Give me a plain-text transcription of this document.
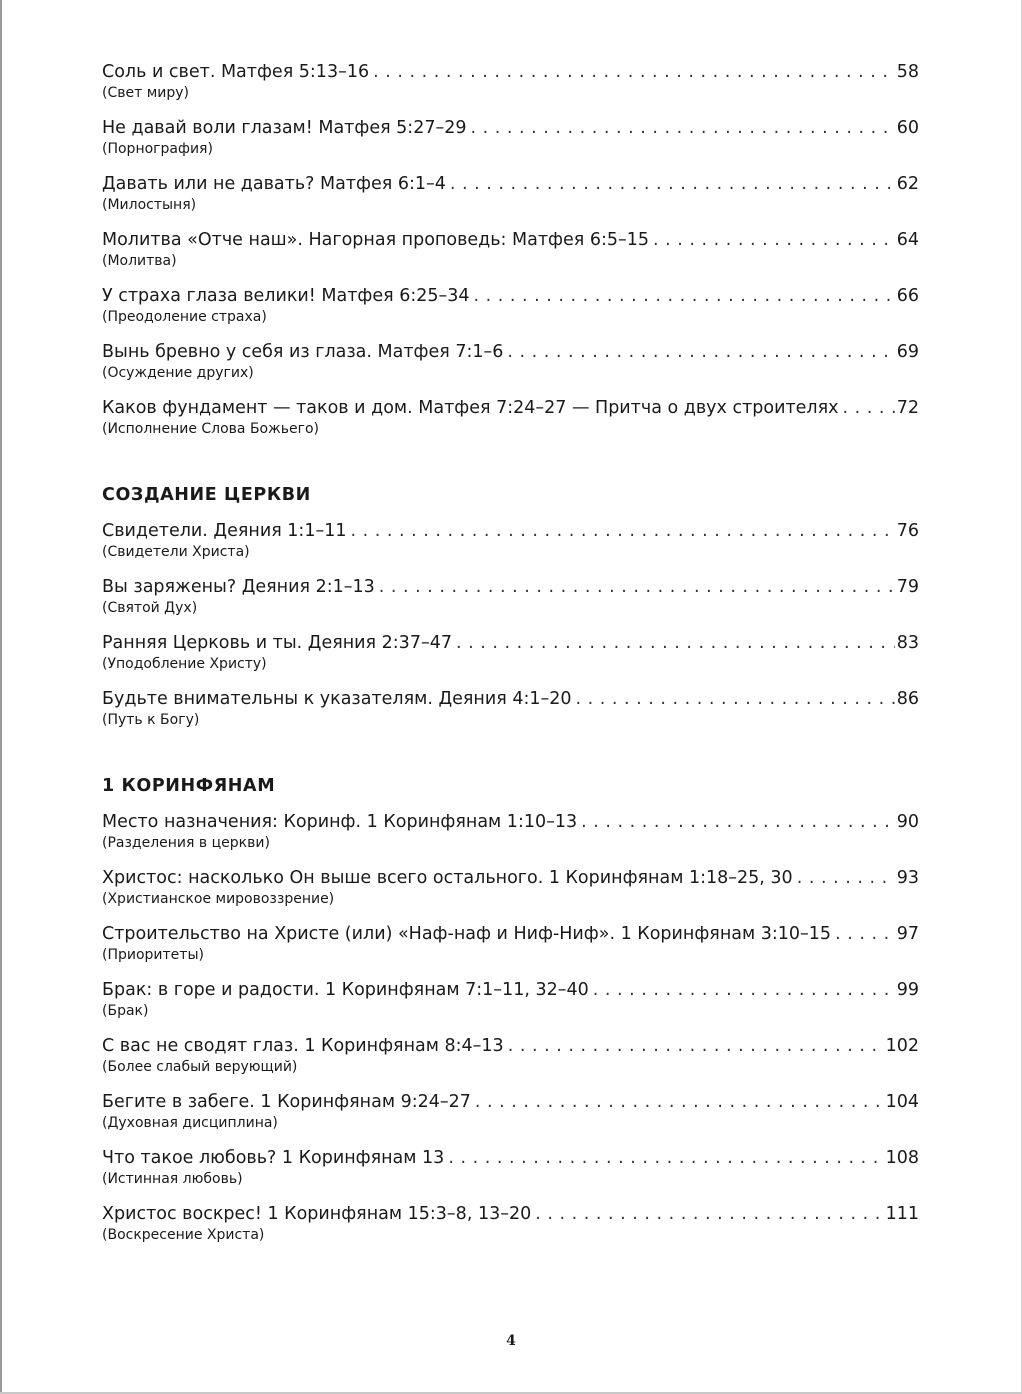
Соль и свет. Матфея 5:13–16 . . .	58
(Свет миру)
Не давай воли глазам! Матфея 5:27–29 . . .	60
(Порнография)
Давать или не давать? Матфея 6:1–4 . . .	62
(Милостыня)
Молитва «Отче наш». Нагорная проповедь: Матфея 6:5–15 . . .	64
(Молитва)
У страха глаза велики! Матфея 6:25–34 . . .	66
(Преодоление страха)
Вынь бревно у себя из глаза. Матфея 7:1–6 . . .	69
(Осуждение других)
Каков фундамент — таков и дом. Матфея 7:24–27 — Притча о двух строителях . . .	72
(Исполнение Слова Божьего)
СОЗДАНИЕ ЦЕРКВИ
Свидетели. Деяния 1:1–11 . . .	76
(Свидетели Христа)
Вы заряжены? Деяния 2:1–13 . . .	79
(Святой Дух)
Ранняя Церковь и ты. Деяния 2:37–47 . . .	83
(Уподобление Христу)
Будьте внимательны к указателям. Деяния 4:1–20 . . .	86
(Путь к Богу)
1 КОРИНФЯНАМ
Место назначения: Коринф. 1 Коринфянам 1:10–13 . . .	90
(Разделения в церкви)
Христос: насколько Он выше всего остального. 1 Коринфянам 1:18–25, 30 . . .	93
(Христианское мировоззрение)
Строительство на Христе (или) «Наф-наф и Ниф-Ниф». 1 Коринфянам 3:10–15 . . .	97
(Приоритеты)
Брак: в горе и радости. 1 Коринфянам 7:1–11, 32–40 . . .	99
(Брак)
С вас не сводят глаз. 1 Коринфянам 8:4–13 . . .	102
(Более слабый верующий)
Бегите в забеге. 1 Коринфянам 9:24–27 . . .	104
(Духовная дисциплина)
Что такое любовь? 1 Коринфянам 13 . . .	108
(Истинная любовь)
Христос воскрес! 1 Коринфянам 15:3–8, 13–20 . . .	111
(Воскресение Христа)
4
